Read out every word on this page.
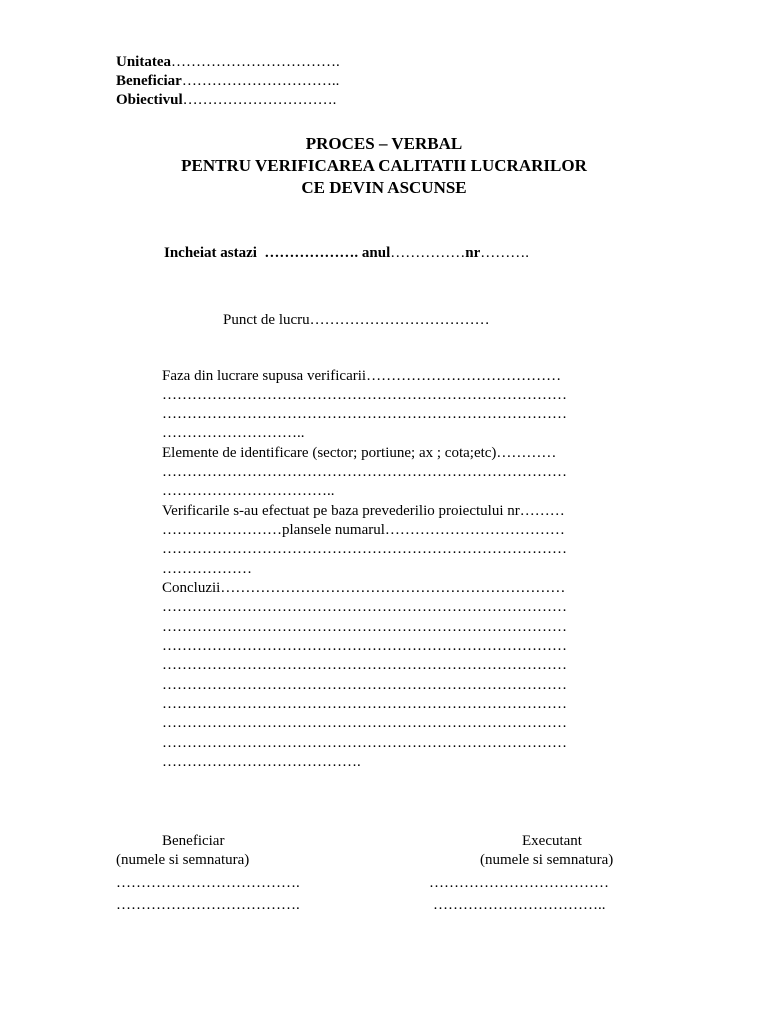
Unitatea…………………………….
Beneficiar…………………………..
Obiectivul………………………….
PROCES – VERBAL
PENTRU VERIFICAREA CALITATII LUCRARILOR
CE DEVIN ASCUNSE
Incheiat astazi ………………. anul……………nr……….
Punct de lucru………………………………
Faza din lucrare supusa verificarii…………………………………
………………………………………………………………………
………………………………………………………………………
………………………..
Elemente de identificare (sector; portiune; ax ; cota;etc)…………
………………………………………………………………………
……………………………..
Verificarile s-au efectuat pe baza prevederilio proiectului nr………
……………………plansele numarul………………………………
………………………………………………………………………
………………
Concluzii……………………………………………………………
………………………………………………………………………
………………………………………………………………………
………………………………………………………………………
………………………………………………………………………
………………………………………………………………………
………………………………………………………………………
………………………………………………………………………
………………………………………………………………………
………………………………….
Beneficiar
(numele si semnatura)
……………………………….
……………………………….
Executant
(numele si semnatura)
………………………………
……………………………..
